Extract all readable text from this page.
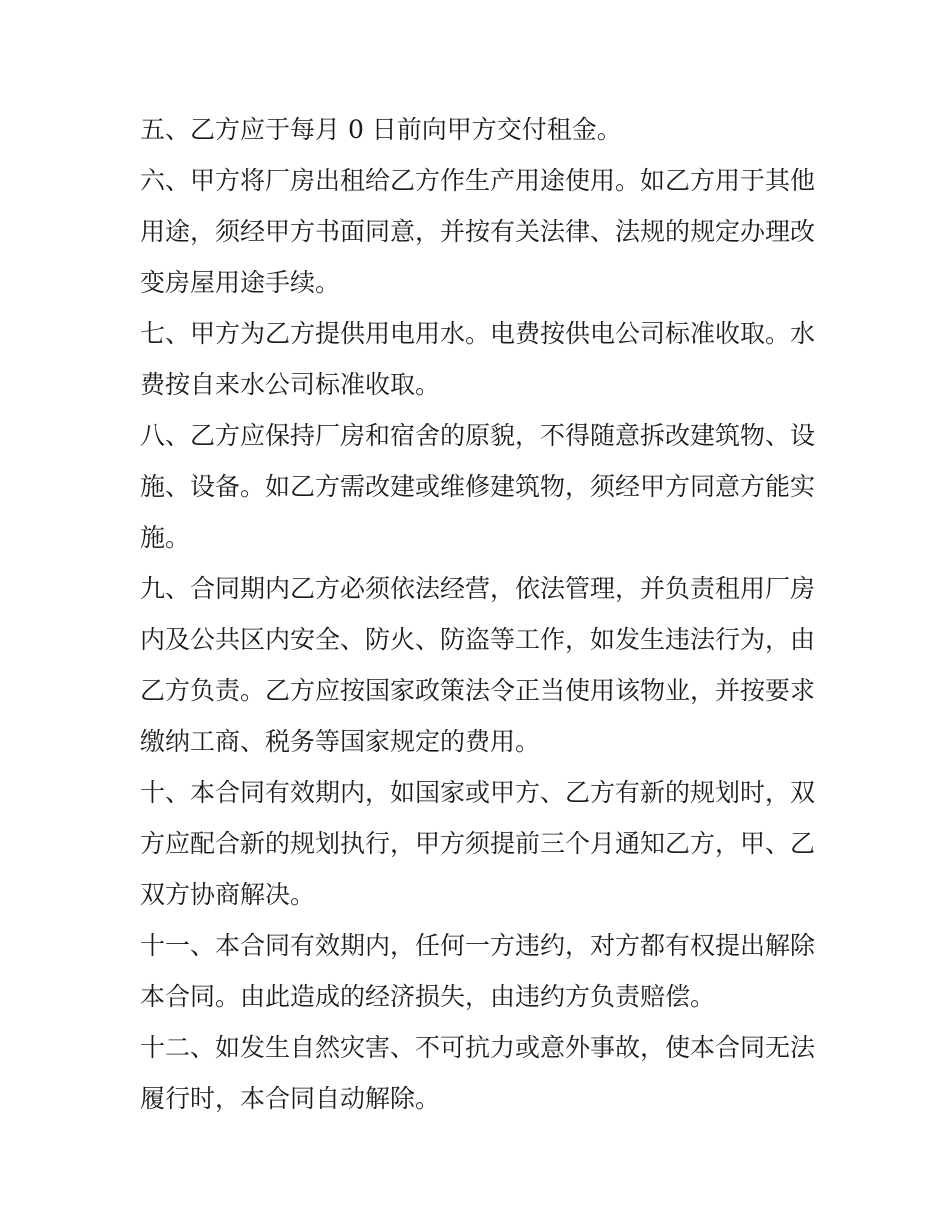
五、乙方应于每月 0 日前向甲方交付租金。
六、甲方将厂房出租给乙方作生产用途使用。如乙方用于其他
用途，须经甲方书面同意，并按有关法律、法规的规定办理改
变房屋用途手续。
七、甲方为乙方提供用电用水。电费按供电公司标准收取。水
费按自来水公司标准收取。
八、乙方应保持厂房和宿舍的原貌，不得随意拆改建筑物、设
施、设备。如乙方需改建或维修建筑物，须经甲方同意方能实
施。
九、合同期内乙方必须依法经营，依法管理，并负责租用厂房
内及公共区内安全、防火、防盗等工作，如发生违法行为，由
乙方负责。乙方应按国家政策法令正当使用该物业，并按要求
缴纳工商、税务等国家规定的费用。
十、本合同有效期内，如国家或甲方、乙方有新的规划时，双
方应配合新的规划执行，甲方须提前三个月通知乙方，甲、乙
双方协商解决。
十一、本合同有效期内，任何一方违约，对方都有权提出解除
本合同。由此造成的经济损失，由违约方负责赔偿。
十二、如发生自然灾害、不可抗力或意外事故，使本合同无法
履行时，本合同自动解除。
